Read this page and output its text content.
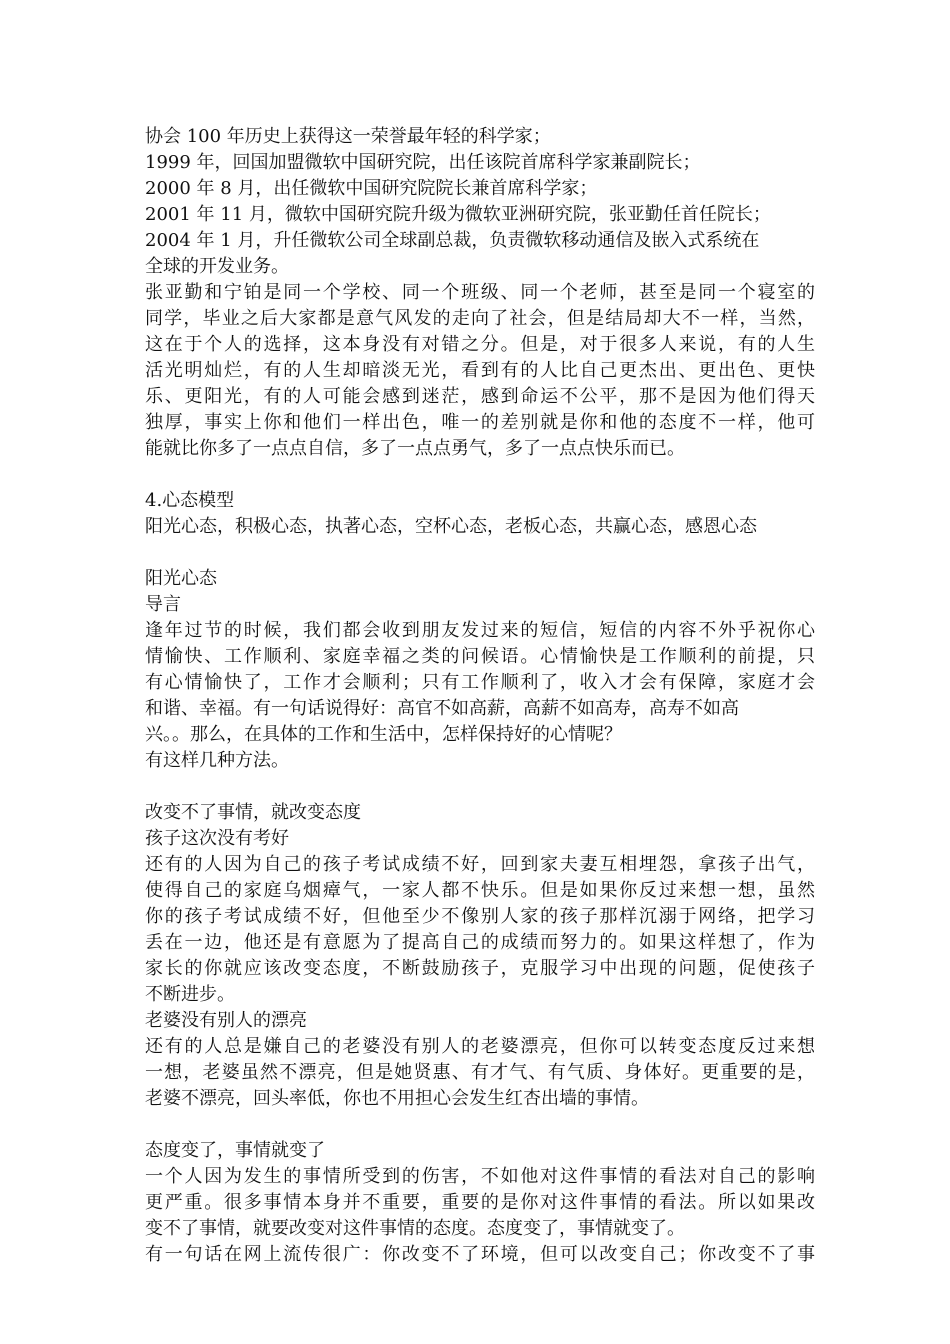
协会 100 年历史上获得这一荣誉最年轻的科学家；
1999 年，回国加盟微软中国研究院，出任该院首席科学家兼副院长；
2000 年 8 月，出任微软中国研究院院长兼首席科学家；
2001 年 11 月，微软中国研究院升级为微软亚洲研究院，张亚勤任首任院长；
2004 年 1 月，升任微软公司全球副总裁，负责微软移动通信及嵌入式系统在
全球的开发业务。
张亚勤和宁铂是同一个学校、同一个班级、同一个老师，甚至是同一个寝室的
同学，毕业之后大家都是意气风发的走向了社会，但是结局却大不一样，当然，
这在于个人的选择，这本身没有对错之分。但是，对于很多人来说，有的人生
活光明灿烂，有的人生却暗淡无光，看到有的人比自己更杰出、更出色、更快
乐、更阳光，有的人可能会感到迷茫，感到命运不公平，那不是因为他们得天
独厚，事实上你和他们一样出色，唯一的差别就是你和他的态度不一样，他可
能就比你多了一点点自信，多了一点点勇气，多了一点点快乐而已。
4.心态模型
阳光心态，积极心态，执著心态，空杯心态，老板心态，共赢心态，感恩心态
阳光心态
导言
逢年过节的时候，我们都会收到朋友发过来的短信，短信的内容不外乎祝你心
情愉快、工作顺利、家庭幸福之类的问候语。心情愉快是工作顺利的前提，只
有心情愉快了，工作才会顺利；只有工作顺利了，收入才会有保障，家庭才会
和谐、幸福。有一句话说得好：高官不如高薪，高薪不如高寿，高寿不如高
兴。。那么，在具体的工作和生活中，怎样保持好的心情呢？
有这样几种方法。
改变不了事情，就改变态度
孩子这次没有考好
还有的人因为自己的孩子考试成绩不好，回到家夫妻互相埋怨，拿孩子出气，
使得自己的家庭乌烟瘴气，一家人都不快乐。但是如果你反过来想一想，虽然
你的孩子考试成绩不好，但他至少不像别人家的孩子那样沉溺于网络，把学习
丢在一边，他还是有意愿为了提高自己的成绩而努力的。如果这样想了，作为
家长的你就应该改变态度，不断鼓励孩子，克服学习中出现的问题，促使孩子
不断进步。
老婆没有别人的漂亮
还有的人总是嫌自己的老婆没有别人的老婆漂亮，但你可以转变态度反过来想
一想，老婆虽然不漂亮，但是她贤惠、有才气、有气质、身体好。更重要的是，
老婆不漂亮，回头率低，你也不用担心会发生红杏出墙的事情。
态度变了，事情就变了
一个人因为发生的事情所受到的伤害，不如他对这件事情的看法对自己的影响
更严重。很多事情本身并不重要，重要的是你对这件事情的看法。所以如果改
变不了事情，就要改变对这件事情的态度。态度变了，事情就变了。
有一句话在网上流传很广：你改变不了环境，但可以改变自己；你改变不了事
